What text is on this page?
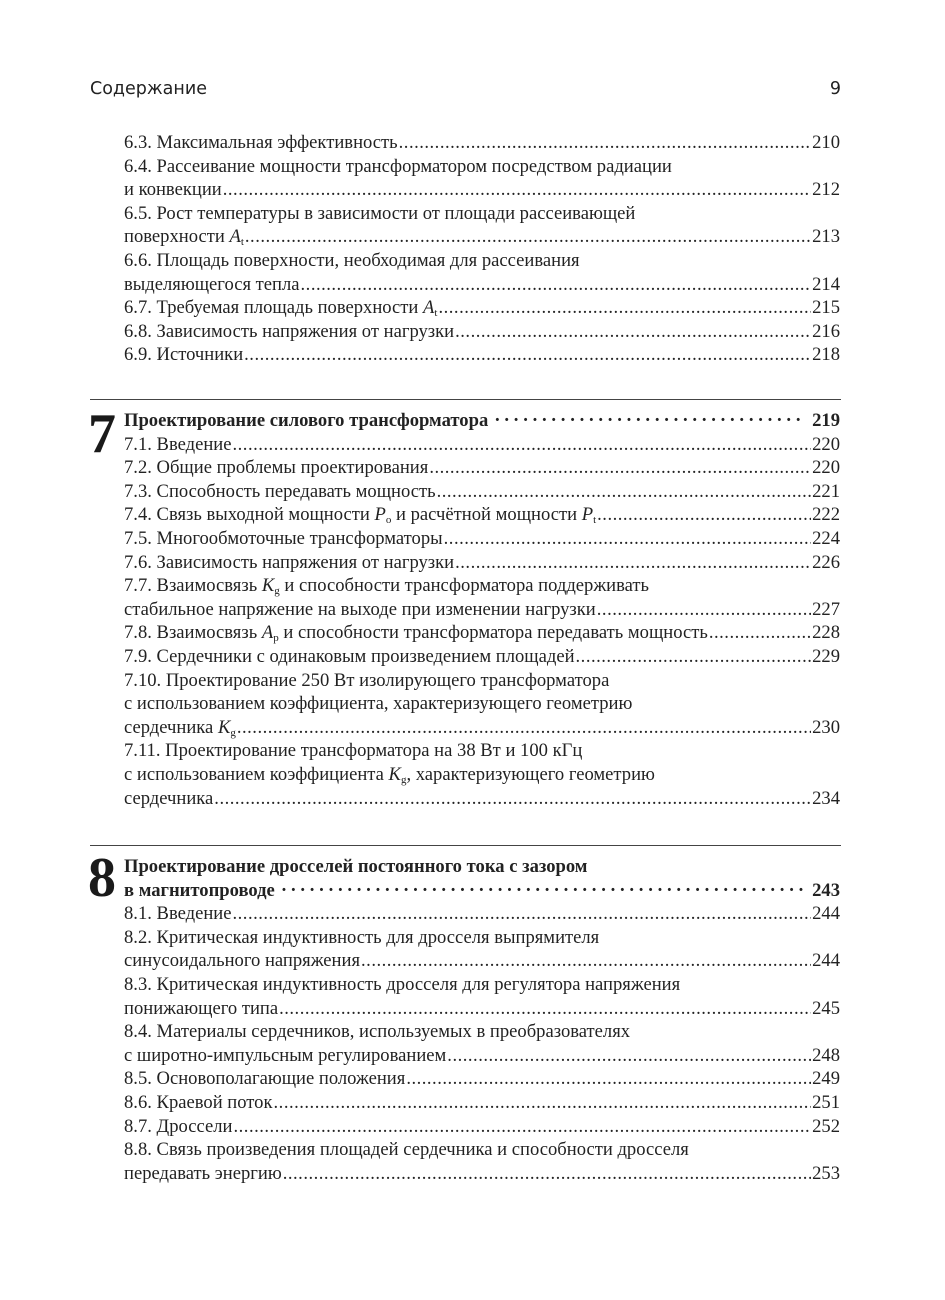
Содержание	9
6.3. Максимальная эффективность .....	210
6.4. Рассеивание мощности трансформатором посредством радиации
и конвекции .....	212
6.5. Рост температуры в зависимости от площади рассеивающей
поверхности $A_t$ .....	213
6.6. Площадь поверхности, необходимая для рассеивания
выделяющегося тепла .....	214
6.7. Требуемая площадь поверхности $A_t$ .....	215
6.8. Зависимость напряжения от нагрузки .....	216
6.9. Источники .....	218
7 Проектирование силового трансформатора ·····	219
7.1. Введение .....	220
7.2. Общие проблемы проектирования .....	220
7.3. Способность передавать мощность .....	221
7.4. Связь выходной мощности $P_o$ и расчётной мощности $P_t$ .....	222
7.5. Многообмоточные трансформаторы .....	224
7.6. Зависимость напряжения от нагрузки .....	226
7.7. Взаимосвязь $K_g$ и способности трансформатора поддерживать
стабильное напряжение на выходе при изменении нагрузки .....	227
7.8. Взаимосвязь $A_p$ и способности трансформатора передавать мощность .....	228
7.9. Сердечники с одинаковым произведением площадей .....	229
7.10. Проектирование 250 Вт изолирующего трансформатора
с использованием коэффициента, характеризующего геометрию
сердечника $K_g$ .....	230
7.11. Проектирование трансформатора на 38 Вт и 100 кГц
с использованием коэффициента $K_g$, характеризующего геометрию
сердечника .....	234
8 Проектирование дросселей постоянного тока с зазором
в магнитопроводе ·····	243
8.1. Введение .....	244
8.2. Критическая индуктивность для дросселя выпрямителя
синусоидального напряжения .....	244
8.3. Критическая индуктивность дросселя для регулятора напряжения
понижающего типа .....	245
8.4. Материалы сердечников, используемых в преобразователях
с широтно-импульсным регулированием .....	248
8.5. Основополагающие положения .....	249
8.6. Краевой поток .....	251
8.7. Дроссели .....	252
8.8. Связь произведения площадей сердечника и способности дросселя
передавать энергию .....	253
